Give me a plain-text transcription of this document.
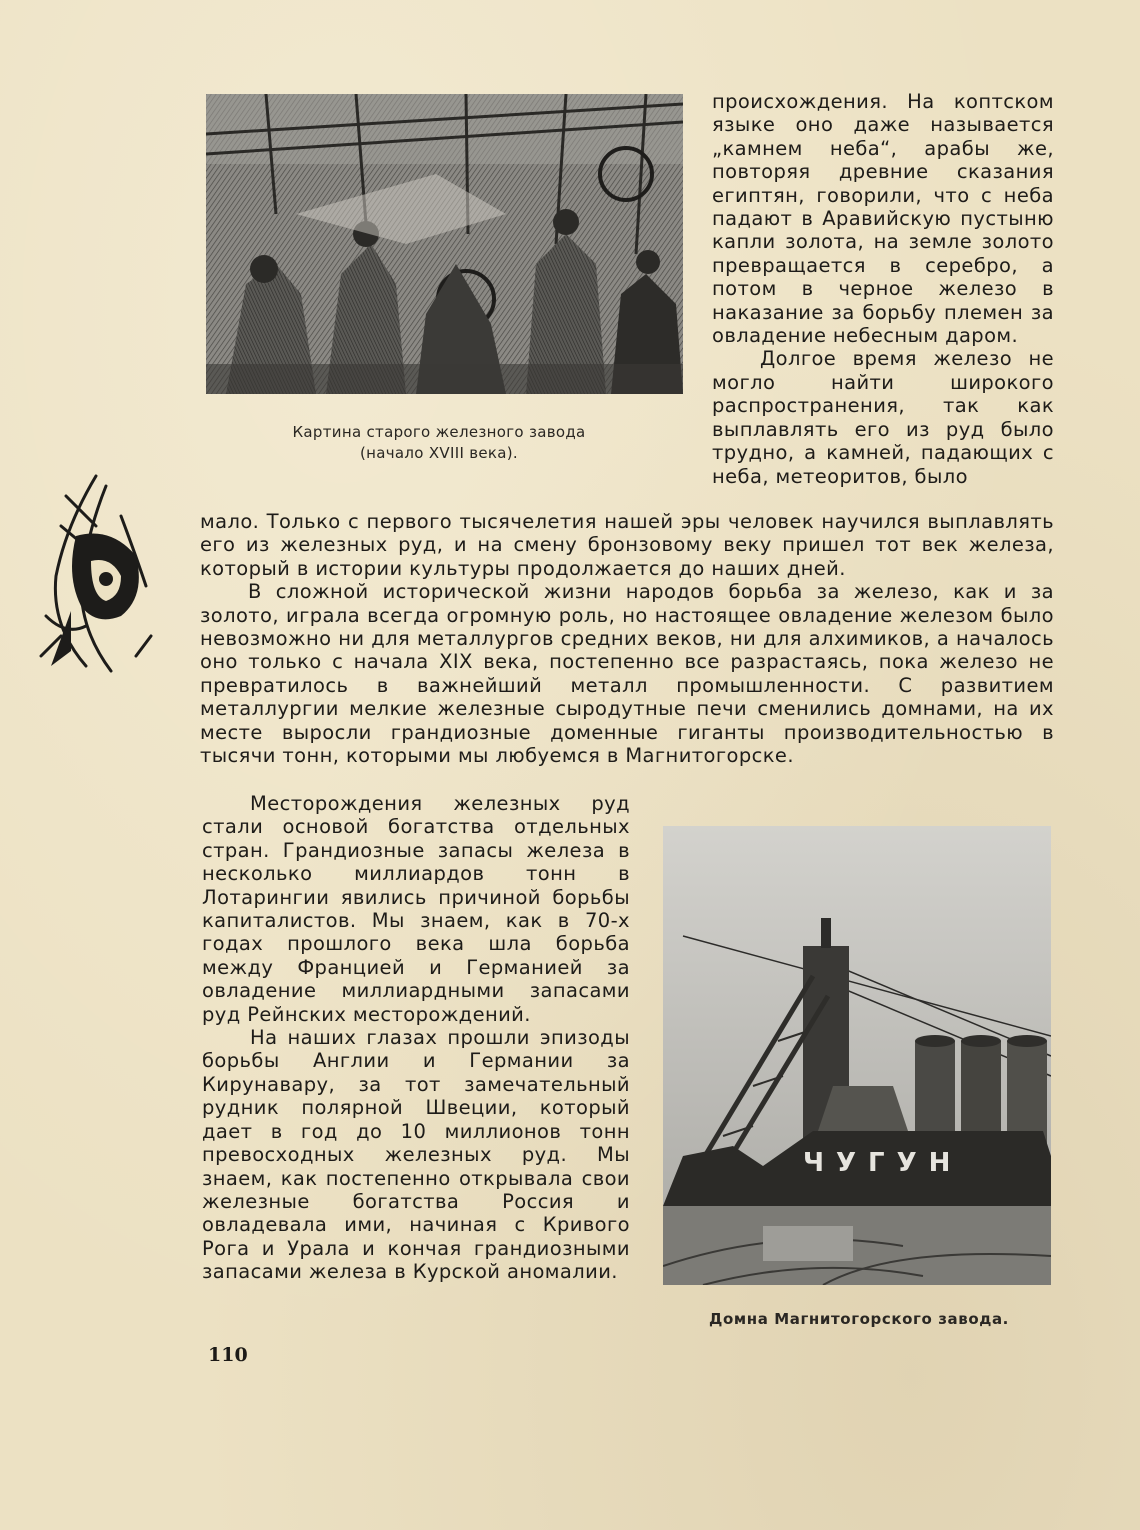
Картина старого железного завода
(начало XVIII века).

происхождения. На коптском языке оно даже называется „камнем неба“, арабы же, повторяя древние сказания египтян, говорили, что с неба падают в Аравийскую пустыню капли золота, на земле золото превращается в серебро, а потом в черное железо в наказание за борьбу племен за овладение небесным даром.

Долгое время железо не могло найти широкого распространения, так как выплавлять его из руд было трудно, а камней, падающих с неба, метеоритов, было

мало. Только с первого тысячелетия нашей эры человек научился выплавлять его из железных руд, и на смену бронзовому веку пришел тот век железа, который в истории культуры продолжается до наших дней.

В сложной исторической жизни народов борьба за железо, как и за золото, играла всегда огромную роль, но настоящее овладение железом было невозможно ни для металлургов средних веков, ни для алхимиков, а началось оно только с начала XIX века, постепенно все разрастаясь, пока железо не превратилось в важнейший металл промышленности. С развитием металлургии мелкие железные сыродутные печи сменились домнами, на их месте выросли грандиозные доменные гиганты производительностью в тысячи тонн, которыми мы любуемся в Магнитогорске.

Месторождения железных руд стали основой богатства отдельных стран. Грандиозные запасы железа в несколько миллиардов тонн в Лотарингии явились причиной борьбы капиталистов. Мы знаем, как в 70-х годах прошлого века шла борьба между Францией и Германией за овладение миллиардными запасами руд Рейнских месторождений.

На наших глазах прошли эпизоды борьбы Англии и Германии за Кирунавару, за тот замечательный рудник полярной Швеции, который дает в год до 10 миллионов тонн превосходных железных руд. Мы знаем, как постепенно открывала свои железные богатства Россия и овладевала ими, начиная с Кривого Рога и Урала и кончая грандиозными запасами железа в Курской аномалии.

ЧУГУН
Домна Магнитогорского завода.
110
